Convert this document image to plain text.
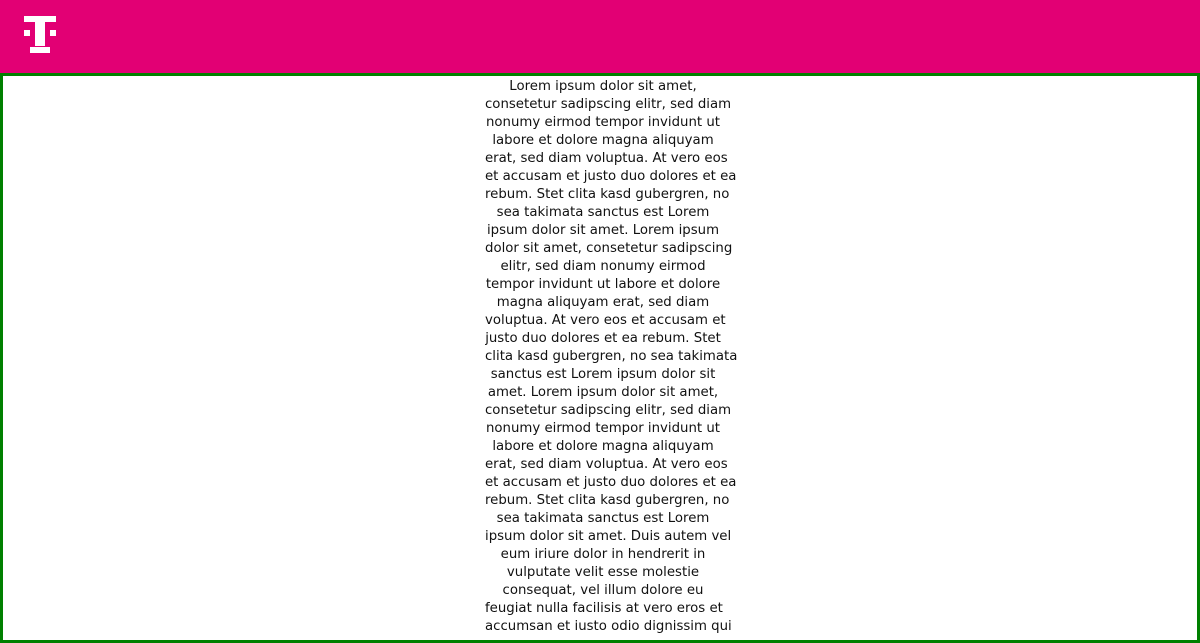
Lorem ipsum dolor sit amet,
consetetur sadipscing elitr, sed diam
nonumy eirmod tempor invidunt ut
labore et dolore magna aliquyam
erat, sed diam voluptua. At vero eos
et accusam et justo duo dolores et ea
rebum. Stet clita kasd gubergren, no
sea takimata sanctus est Lorem
ipsum dolor sit amet. Lorem ipsum
dolor sit amet, consetetur sadipscing
elitr, sed diam nonumy eirmod
tempor invidunt ut labore et dolore
magna aliquyam erat, sed diam
voluptua. At vero eos et accusam et
justo duo dolores et ea rebum. Stet
clita kasd gubergren, no sea takimata
sanctus est Lorem ipsum dolor sit
amet. Lorem ipsum dolor sit amet,
consetetur sadipscing elitr, sed diam
nonumy eirmod tempor invidunt ut
labore et dolore magna aliquyam
erat, sed diam voluptua. At vero eos
et accusam et justo duo dolores et ea
rebum. Stet clita kasd gubergren, no
sea takimata sanctus est Lorem
ipsum dolor sit amet. Duis autem vel
eum iriure dolor in hendrerit in
vulputate velit esse molestie
consequat, vel illum dolore eu
feugiat nulla facilisis at vero eros et
accumsan et iusto odio dignissim qui
